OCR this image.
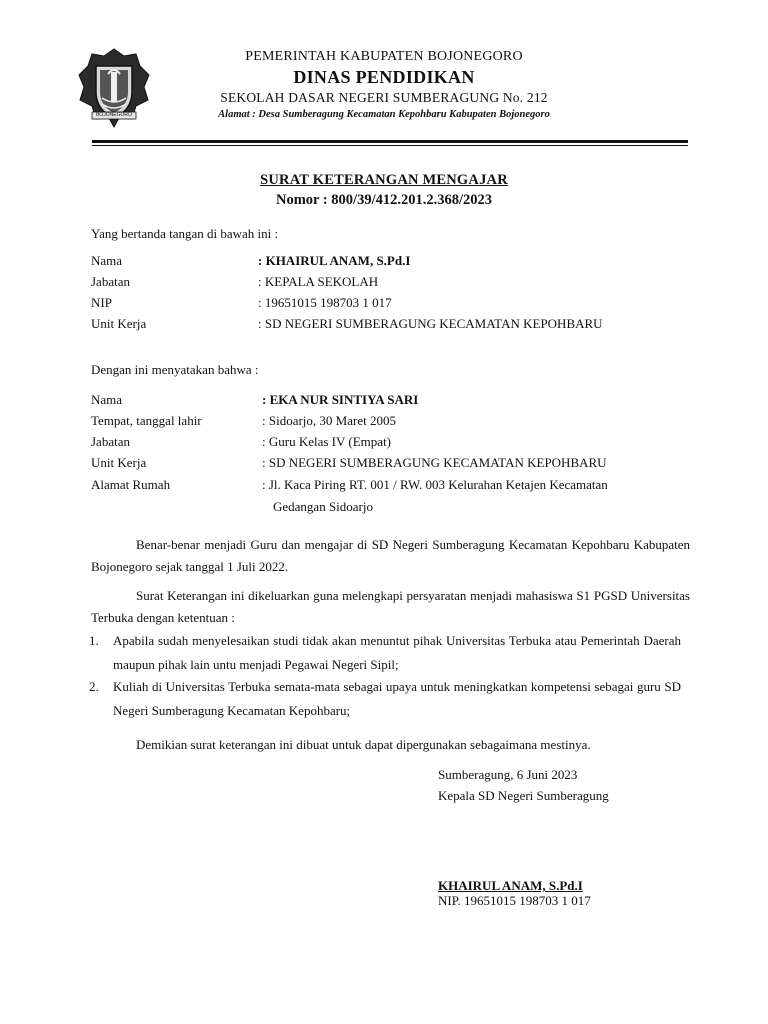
BOJONEGORO
PEMERINTAH KABUPATEN BOJONEGORO
DINAS PENDIDIKAN
SEKOLAH DASAR NEGERI SUMBERAGUNG No. 212
Alamat : Desa Sumberagung Kecamatan Kepohbaru Kabupaten Bojonegoro
SURAT KETERANGAN MENGAJAR
Nomor : 800/39/412.201.2.368/2023
Yang bertanda tangan di bawah ini :
Nama	: KHAIRUL ANAM, S.Pd.I
Jabatan	: KEPALA SEKOLAH
NIP	: 19651015 198703 1 017
Unit Kerja	: SD NEGERI SUMBERAGUNG KECAMATAN KEPOHBARU
Dengan ini menyatakan bahwa :
Nama	: EKA NUR SINTIYA SARI
Tempat, tanggal lahir	: Sidoarjo, 30 Maret 2005
Jabatan	: Guru Kelas IV (Empat)
Unit Kerja	: SD NEGERI SUMBERAGUNG KECAMATAN KEPOHBARU
Alamat Rumah	: Jl. Kaca Piring RT. 001 / RW. 003 Kelurahan Ketajen Kecamatan
Gedangan Sidoarjo
Benar-benar menjadi Guru dan mengajar di SD Negeri Sumberagung Kecamatan Kepohbaru Kabupaten Bojonegoro sejak tanggal 1 Juli 2022.
Surat Keterangan ini dikeluarkan guna melengkapi persyaratan menjadi mahasiswa S1 PGSD Universitas Terbuka dengan ketentuan :
1. Apabila sudah menyelesaikan studi tidak akan menuntut pihak Universitas Terbuka atau Pemerintah Daerah maupun pihak lain untu menjadi Pegawai Negeri Sipil;
2. Kuliah di Universitas Terbuka semata-mata sebagai upaya untuk meningkatkan kompetensi sebagai guru SD Negeri Sumberagung Kecamatan Kepohbaru;
Demikian surat keterangan ini dibuat untuk dapat dipergunakan sebagaimana mestinya.
Sumberagung, 6 Juni 2023
Kepala SD Negeri Sumberagung
KHAIRUL ANAM, S.Pd.I
NIP. 19651015 198703 1 017
